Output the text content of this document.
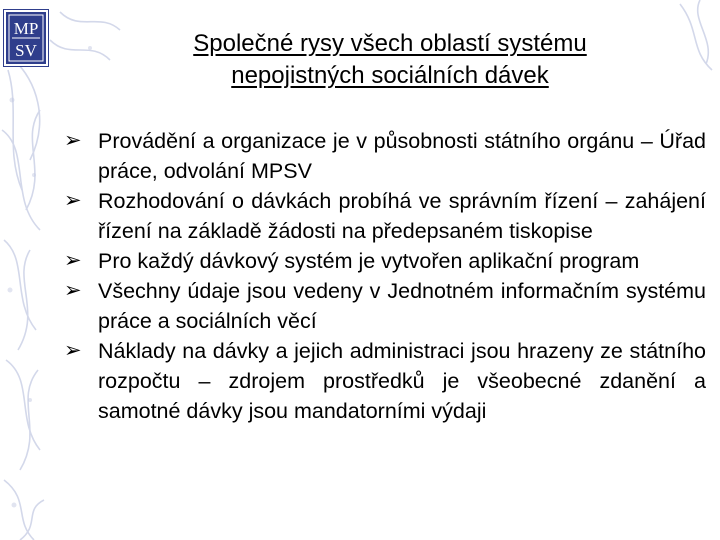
MP
SV	Společné rysy všech oblastí systému
nepojistných sociálních dávek
➢ Provádění a organizace je v působnosti státního orgánu – Úřad práce, odvolání MPSV
➢ Rozhodování o dávkách probíhá ve správním řízení – zahájení řízení na základě žádosti na předepsaném tiskopise
➢ Pro každý dávkový systém je vytvořen aplikační program
➢ Všechny údaje jsou vedeny v Jednotném informačním systému práce a sociálních věcí
➢ Náklady na dávky a jejich administraci jsou hrazeny ze státního rozpočtu – zdrojem prostředků je všeobecné zdanění a samotné dávky jsou mandatorními výdaji
